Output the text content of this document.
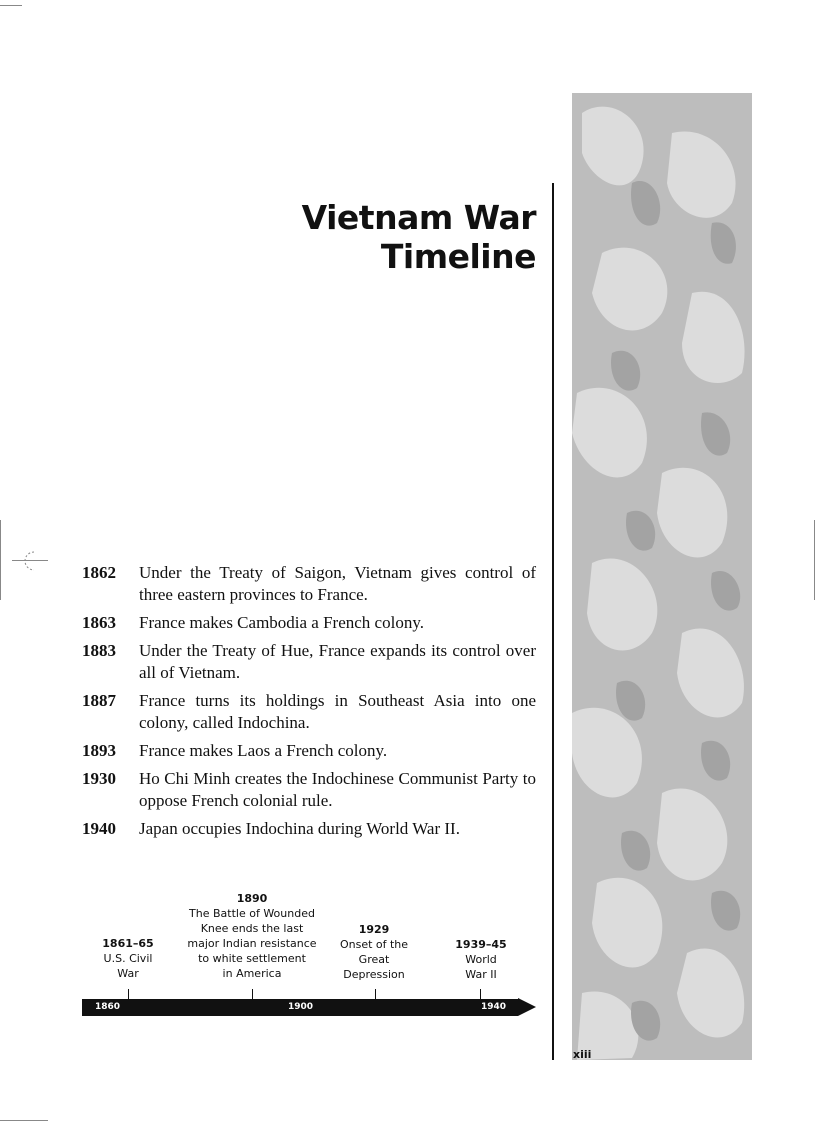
Vietnam War Timeline
xiii
1862	Under the Treaty of Saigon, Vietnam gives control of three eastern provinces to France.
1863	France makes Cambodia a French colony.
1883	Under the Treaty of Hue, France expands its control over all of Vietnam.
1887	France turns its holdings in Southeast Asia into one colony, called Indochina.
1893	France makes Laos a French colony.
1930	Ho Chi Minh creates the Indochinese Communist Party to oppose French colonial rule.
1940	Japan occupies Indochina during World War II.
1861–65
U.S. Civil
War
1890
The Battle of Wounded
Knee ends the last
major Indian resistance
to white settlement
in America
1929
Onset of the
Great
Depression
1939–45
World
War II
1860	1900	1940
